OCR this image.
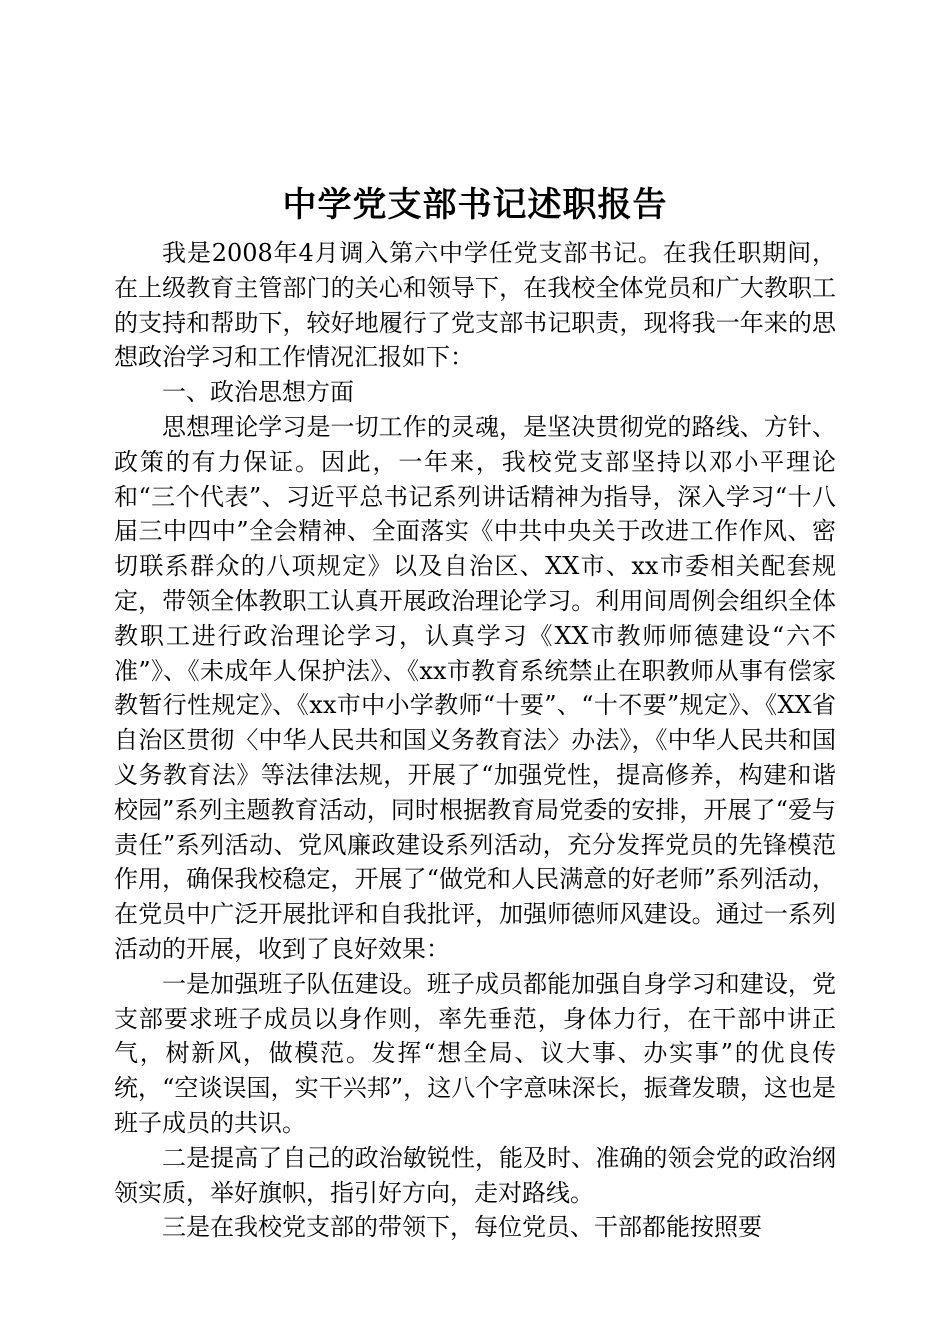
中学党支部书记述职报告

我是2008年4月调入第六中学任党支部书记。在我任职期间，在上级教育主管部门的关心和领导下，在我校全体党员和广大教职工的支持和帮助下，较好地履行了党支部书记职责，现将我一年来的思想政治学习和工作情况汇报如下：

一、政治思想方面

思想理论学习是一切工作的灵魂，是坚决贯彻党的路线、方针、政策的有力保证。因此，一年来，我校党支部坚持以邓小平理论和“三个代表”、习近平总书记系列讲话精神为指导，深入学习“十八届三中四中”全会精神、全面落实《中共中央关于改进工作作风、密切联系群众的八项规定》以及自治区、XX市、xx市委相关配套规定，带领全体教职工认真开展政治理论学习。利用间周例会组织全体教职工进行政治理论学习，认真学习《XX市教师师德建设“六不准”》、《未成年人保护法》、《xx市教育系统禁止在职教师从事有偿家教暂行性规定》、《xx市中小学教师“十要”、“十不要”规定》、《XX省自治区贯彻〈中华人民共和国义务教育法〉办法》，《中华人民共和国义务教育法》等法律法规，开展了“加强党性，提高修养，构建和谐校园”系列主题教育活动，同时根据教育局党委的安排，开展了“爱与责任”系列活动、党风廉政建设系列活动，充分发挥党员的先锋模范作用，确保我校稳定，开展了“做党和人民满意的好老师”系列活动，在党员中广泛开展批评和自我批评，加强师德师风建设。通过一系列活动的开展，收到了良好效果：

一是加强班子队伍建设。班子成员都能加强自身学习和建设，党支部要求班子成员以身作则，率先垂范，身体力行，在干部中讲正气，树新风，做模范。发挥“想全局、议大事、办实事”的优良传统，“空谈误国，实干兴邦”，这八个字意味深长，振聋发聩，这也是班子成员的共识。

二是提高了自己的政治敏锐性，能及时、准确的领会党的政治纲领实质，举好旗帜，指引好方向，走对路线。

三是在我校党支部的带领下，每位党员、干部都能按照要
